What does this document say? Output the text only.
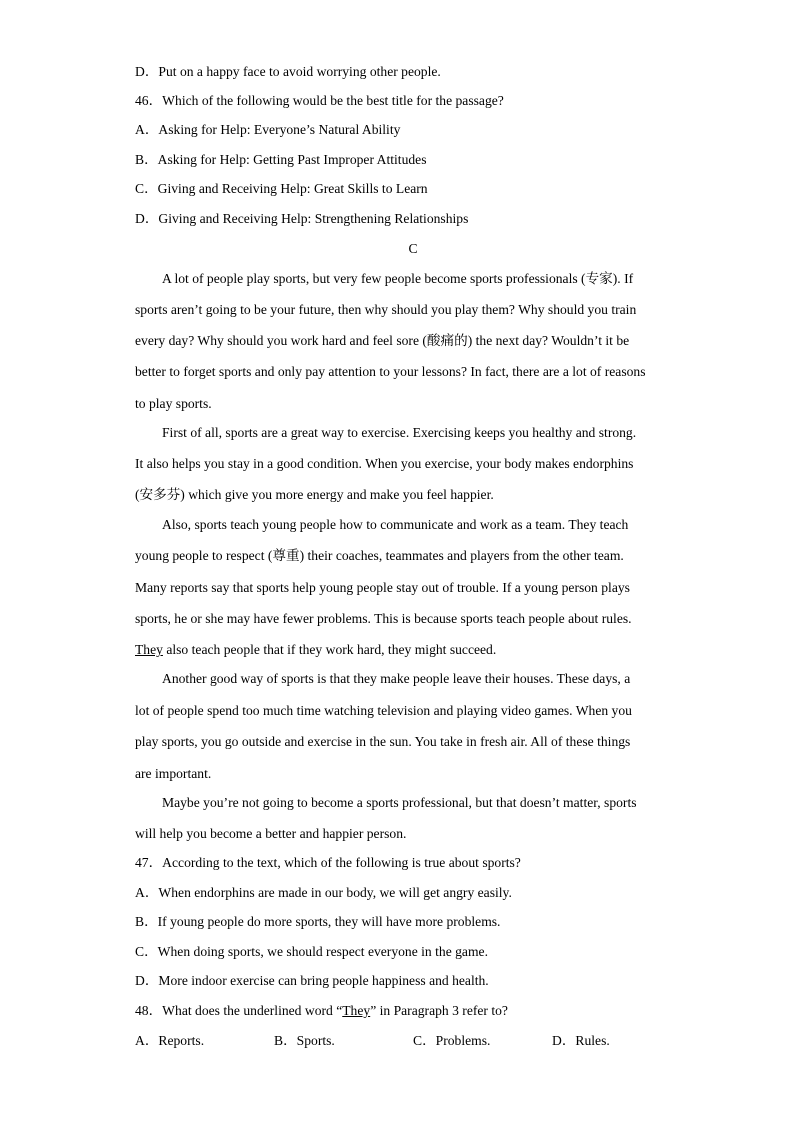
D．Put on a happy face to avoid worrying other people.
46．Which of the following would be the best title for the passage?
A．Asking for Help: Everyone’s Natural Ability
B．Asking for Help: Getting Past Improper Attitudes
C．Giving and Receiving Help: Great Skills to Learn
D．Giving and Receiving Help: Strengthening Relationships
C
A lot of people play sports, but very few people become sports professionals (专家). If
sports aren’t going to be your future, then why should you play them? Why should you train
every day? Why should you work hard and feel sore (酸痛的) the next day? Wouldn’t it be
better to forget sports and only pay attention to your lessons? In fact, there are a lot of reasons
to play sports.
First of all, sports are a great way to exercise. Exercising keeps you healthy and strong.
It also helps you stay in a good condition. When you exercise, your body makes endorphins
(安多芬) which give you more energy and make you feel happier.
Also, sports teach young people how to communicate and work as a team. They teach
young people to respect (尊重) their coaches, teammates and players from the other team.
Many reports say that sports help young people stay out of trouble. If a young person plays
sports, he or she may have fewer problems. This is because sports teach people about rules.
They also teach people that if they work hard, they might succeed.
Another good way of sports is that they make people leave their houses. These days, a
lot of people spend too much time watching television and playing video games. When you
play sports, you go outside and exercise in the sun. You take in fresh air. All of these things
are important.
Maybe you’re not going to become a sports professional, but that doesn’t matter, sports
will help you become a better and happier person.
47．According to the text, which of the following is true about sports?
A．When endorphins are made in our body, we will get angry easily.
B．If young people do more sports, they will have more problems.
C．When doing sports, we should respect everyone in the game.
D．More indoor exercise can bring people happiness and health.
48．What does the underlined word “They” in Paragraph 3 refer to?
A．Reports.	B．Sports.	C．Problems.	D．Rules.
